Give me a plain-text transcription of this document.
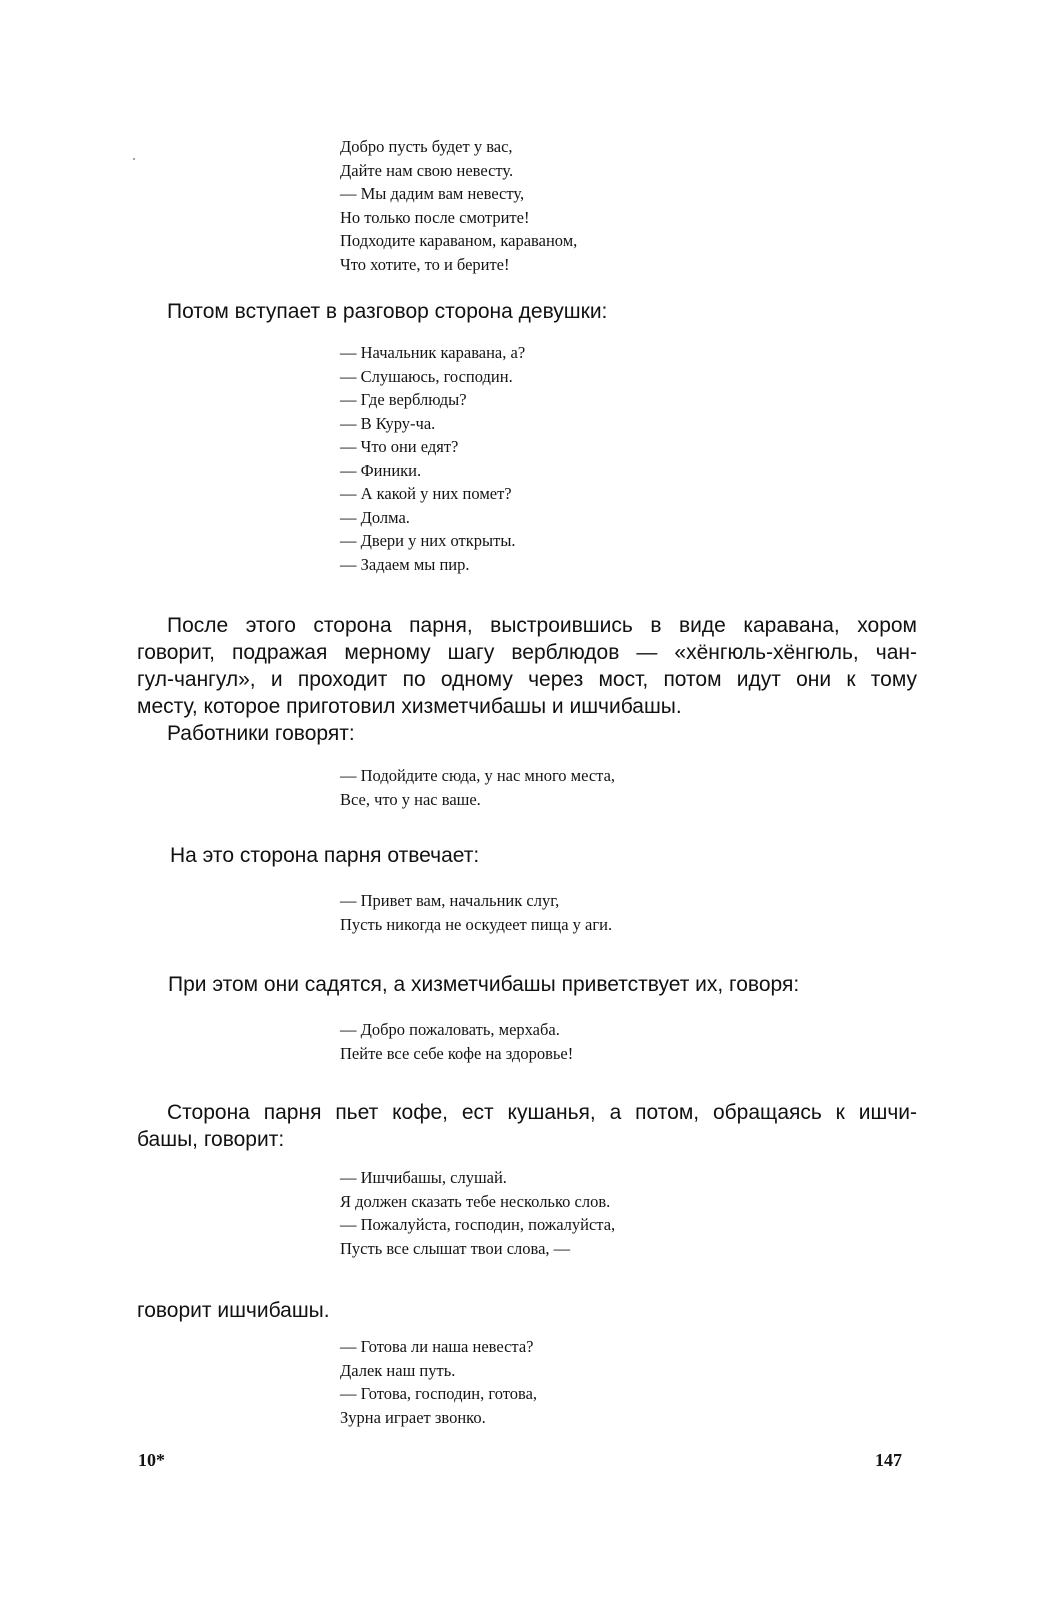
Добро пусть будет у вас,
Дайте нам свою невесту.
— Мы дадим вам невесту,
Но только после смотрите!
Подходите караваном, караваном,
Что хотите, то и берите!
Потом вступает в разговор сторона девушки:
— Начальник каравана, а?
— Слушаюсь, господин.
— Где верблюды?
— В Куру-ча.
— Что они едят?
— Финики.
— А какой у них помет?
— Долма.
— Двери у них открыты.
— Задаем мы пир.
После этого сторона парня, выстроившись в виде каравана, хором
говорит, подражая мерному шагу верблюдов — «хёнгюль-хёнгюль, чан-
гул-чангул», и проходит по одному через мост, потом идут они к тому
месту, которое приготовил хизметчибашы и ишчибашы.
Работники говорят:
— Подойдите сюда, у нас много места,
Все, что у нас ваше.
На это сторона парня отвечает:
— Привет вам, начальник слуг,
Пусть никогда не оскудеет пища у аги.
При этом они садятся, а хизметчибашы приветствует их, говоря:
— Добро пожаловать, мерхаба.
Пейте все себе кофе на здоровье!
Сторона парня пьет кофе, ест кушанья, а потом, обращаясь к ишчи-
башы, говорит:
— Ишчибашы, слушай.
Я должен сказать тебе несколько слов.
— Пожалуйста, господин, пожалуйста,
Пусть все слышат твои слова, —
говорит ишчибашы.
— Готова ли наша невеста?
Далек наш путь.
— Готова, господин, готова,
Зурна играет звонко.
10*	147
